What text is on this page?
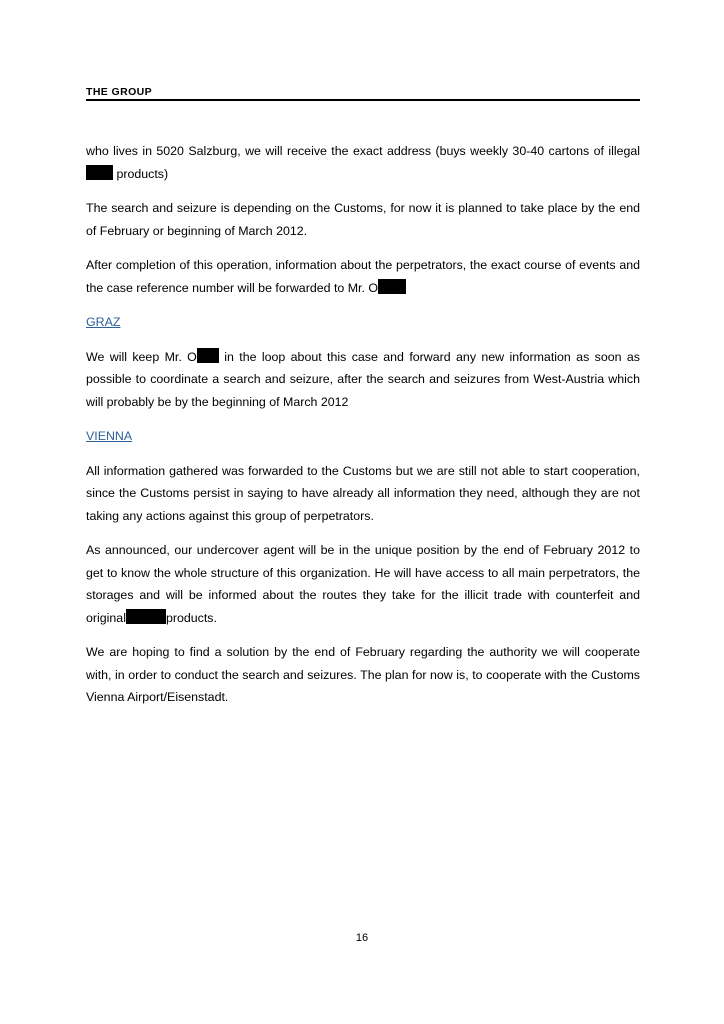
THE GROUP

who lives in 5020 Salzburg, we will receive the exact address (buys weekly 30-40 cartons of illegal  products)

The search and seizure is depending on the Customs, for now it is planned to take place by the end of February or beginning of March 2012.

After completion of this operation, information about the perpetrators, the exact course of events and the case reference number will be forwarded to Mr. O

GRAZ

We will keep Mr. O in the loop about this case and forward any new information as soon as possible to coordinate a search and seizure, after the search and seizures from West-Austria which will probably be by the beginning of March 2012

VIENNA

All information gathered was forwarded to the Customs but we are still not able to start cooperation, since the Customs persist in saying to have already all information they need, although they are not taking any actions against this group of perpetrators.

As announced, our undercover agent will be in the unique position by the end of February 2012 to get to know the whole structure of this organization. He will have access to all main perpetrators, the storages and will be informed about the routes they take for the illicit trade with counterfeit and original	products.

We are hoping to find a solution by the end of February regarding the authority we will cooperate with, in order to conduct the search and seizures. The plan for now is, to cooperate with the Customs Vienna Airport/Eisenstadt.

16
